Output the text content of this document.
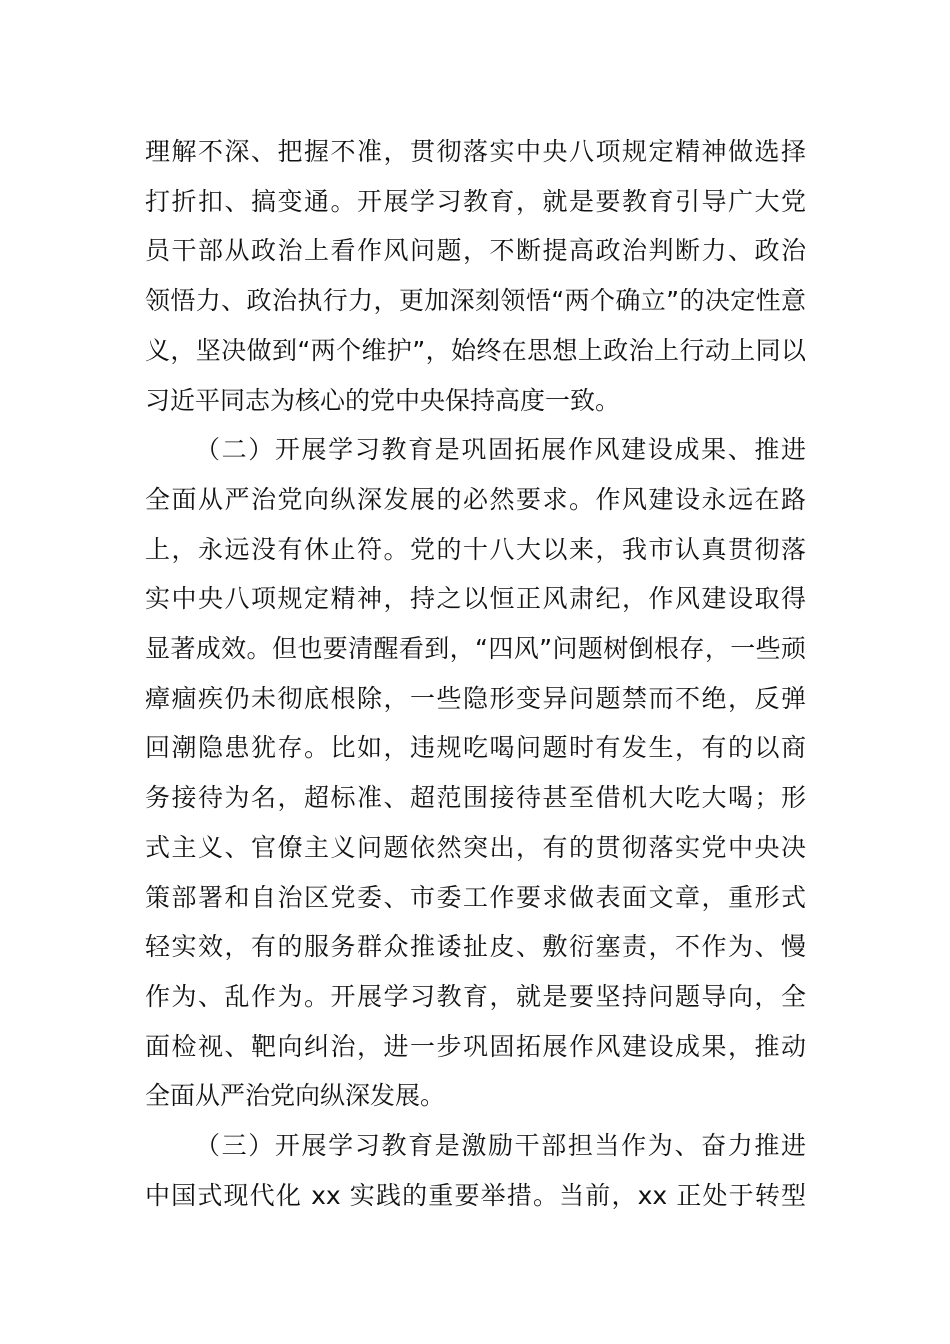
理解不深、把握不准，贯彻落实中央八项规定精神做选择
打折扣、搞变通。开展学习教育，就是要教育引导广大党
员干部从政治上看作风问题，不断提高政治判断力、政治
领悟力、政治执行力，更加深刻领悟“两个确立”的决定性意
义，坚决做到“两个维护”，始终在思想上政治上行动上同以
习近平同志为核心的党中央保持高度一致。
（二）开展学习教育是巩固拓展作风建设成果、推进
全面从严治党向纵深发展的必然要求。作风建设永远在路
上，永远没有休止符。党的十八大以来，我市认真贯彻落
实中央八项规定精神，持之以恒正风肃纪，作风建设取得
显著成效。但也要清醒看到，“四风”问题树倒根存，一些顽
瘴痼疾仍未彻底根除，一些隐形变异问题禁而不绝，反弹
回潮隐患犹存。比如，违规吃喝问题时有发生，有的以商
务接待为名，超标准、超范围接待甚至借机大吃大喝；形
式主义、官僚主义问题依然突出，有的贯彻落实党中央决
策部署和自治区党委、市委工作要求做表面文章，重形式
轻实效，有的服务群众推诿扯皮、敷衍塞责，不作为、慢
作为、乱作为。开展学习教育，就是要坚持问题导向，全
面检视、靶向纠治，进一步巩固拓展作风建设成果，推动
全面从严治党向纵深发展。
（三）开展学习教育是激励干部担当作为、奋力推进
中国式现代化 xx 实践的重要举措。当前，xx 正处于转型
